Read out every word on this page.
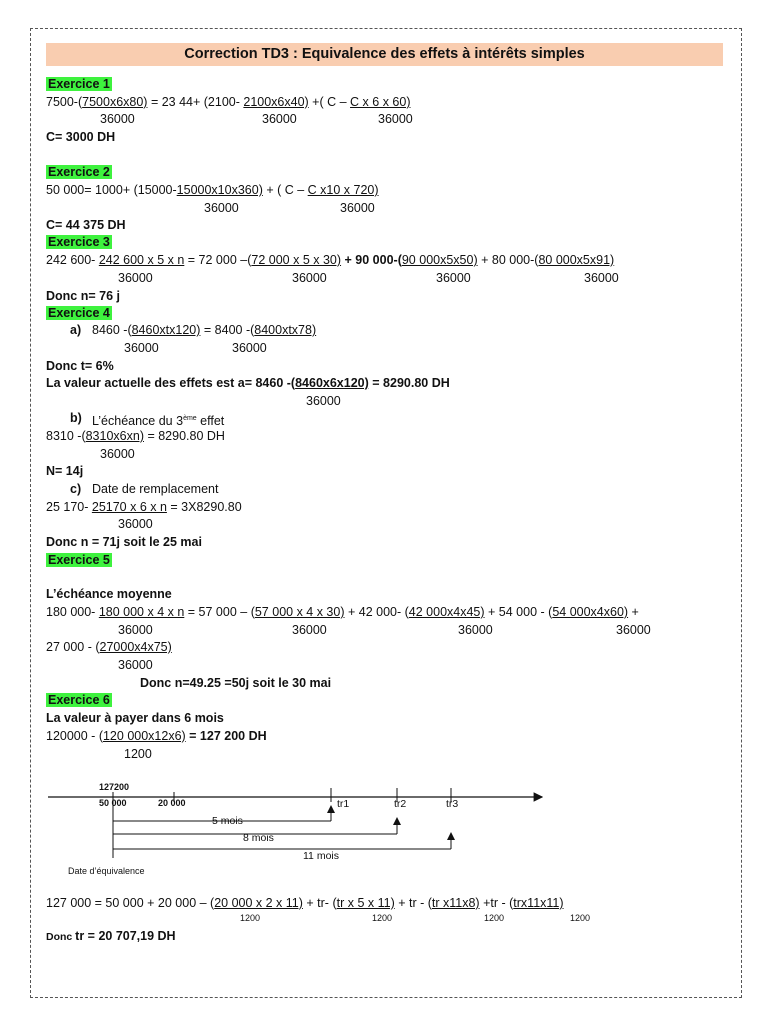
Correction TD3 : Equivalence des effets à intérêts simples
Exercice 1
7500-(7500x6x80) = 23 44+ (2100- 2100x6x40) +( C – C x 6 x 60)
36000	36000	36000
C= 3000 DH
Exercice 2
50 000= 1000+ (15000-15000x10x360) + ( C – C x10 x 720)
36000	36000
C= 44 375 DH
Exercice 3
242 600- 242 600 x 5 x n = 72 000 –(72 000 x 5 x 30) + 90 000-(90 000x5x50) + 80 000-(80 000x5x91)
36000	36000	36000	36000
Donc n= 76 j
Exercice 4
a) 8460 -(8460xtx120) = 8400 -(8400xtx78)
36000	36000
Donc t= 6%
La valeur actuelle des effets est a= 8460 -(8460x6x120) = 8290.80 DH
36000
b) L’échéance du 3ème effet
8310 -(8310x6xn) = 8290.80 DH
36000
N= 14j
c) Date de remplacement
25 170- 25170 x 6 x n = 3X8290.80
36000
Donc n = 71j soit le 25 mai
Exercice 5
L’échéance moyenne
180 000- 180 000 x 4 x n = 57 000 – (57 000 x 4 x 30) + 42 000- (42 000x4x45) + 54 000 - (54 000x4x60) +
36000	36000	36000	36000
27 000 - (27000x4x75)
36000
Donc n=49.25 =50j soit le 30 mai
Exercice 6
La valeur à payer dans 6 mois
120000 - (120 000x12x6) = 127 200 DH
1200
127200
50 000	20 000	tr1	tr2	tr3
5 mois
8 mois
11 mois
Date d’équivalence
127 000 = 50 000 + 20 000 – (20 000 x 2 x 11) + tr- (tr x 5 x 11) + tr - (tr x11x8) +tr - (trx11x11)
1200	1200	1200	1200
Donc tr = 20 707,19 DH
